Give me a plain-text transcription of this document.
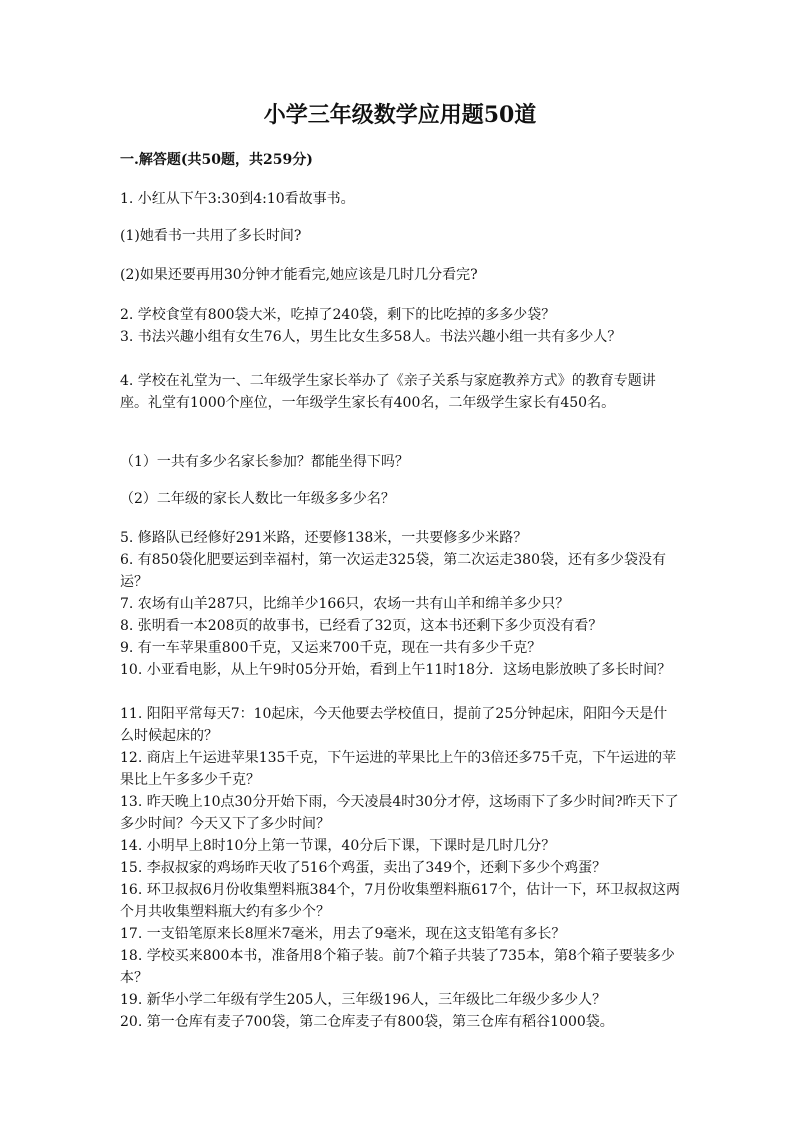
小学三年级数学应用题50道
一.解答题(共50题，共259分)

1. 小红从下午3:30到4:10看故事书。

(1)她看书一共用了多长时间?

(2)如果还要再用30分钟才能看完,她应该是几时几分看完?

2. 学校食堂有800袋大米，吃掉了240袋，剩下的比吃掉的多多少袋？

3. 书法兴趣小组有女生76人，男生比女生多58人。书法兴趣小组一共有多少人？

4. 学校在礼堂为一、二年级学生家长举办了《亲子关系与家庭教养方式》的教育专题讲座。礼堂有1000个座位，一年级学生家长有400名，二年级学生家长有450名。

（1）一共有多少名家长参加？都能坐得下吗？

（2）二年级的家长人数比一年级多多少名？

5. 修路队已经修好291米路，还要修138米，一共要修多少米路？

6. 有850袋化肥要运到幸福村，第一次运走325袋，第二次运走380袋，还有多少袋没有运？

7. 农场有山羊287只，比绵羊少166只，农场一共有山羊和绵羊多少只？

8. 张明看一本208页的故事书，已经看了32页，这本书还剩下多少页没有看？

9. 有一车苹果重800千克，又运来700千克，现在一共有多少千克？

10. 小亚看电影，从上午9时05分开始，看到上午11时18分．这场电影放映了多长时间？

11. 阳阳平常每天7：10起床，今天他要去学校值日，提前了25分钟起床，阳阳今天是什么时候起床的？

12. 商店上午运进苹果135千克，下午运进的苹果比上午的3倍还多75千克，下午运进的苹果比上午多多少千克？

13. 昨天晚上10点30分开始下雨，今天凌晨4时30分才停，这场雨下了多少时间?昨天下了多少时间？今天又下了多少时间？

14. 小明早上8时10分上第一节课，40分后下课，下课时是几时几分？

15. 李叔叔家的鸡场昨天收了516个鸡蛋，卖出了349个，还剩下多少个鸡蛋？

16. 环卫叔叔6月份收集塑料瓶384个，7月份收集塑料瓶617个，估计一下，环卫叔叔这两个月共收集塑料瓶大约有多少个？

17. 一支铅笔原来长8厘米7毫米，用去了9毫米，现在这支铅笔有多长？

18. 学校买来800本书，准备用8个箱子装。前7个箱子共装了735本，第8个箱子要装多少本？

19. 新华小学二年级有学生205人，三年级196人，三年级比二年级少多少人？

20. 第一仓库有麦子700袋，第二仓库麦子有800袋，第三仓库有稻谷1000袋。
